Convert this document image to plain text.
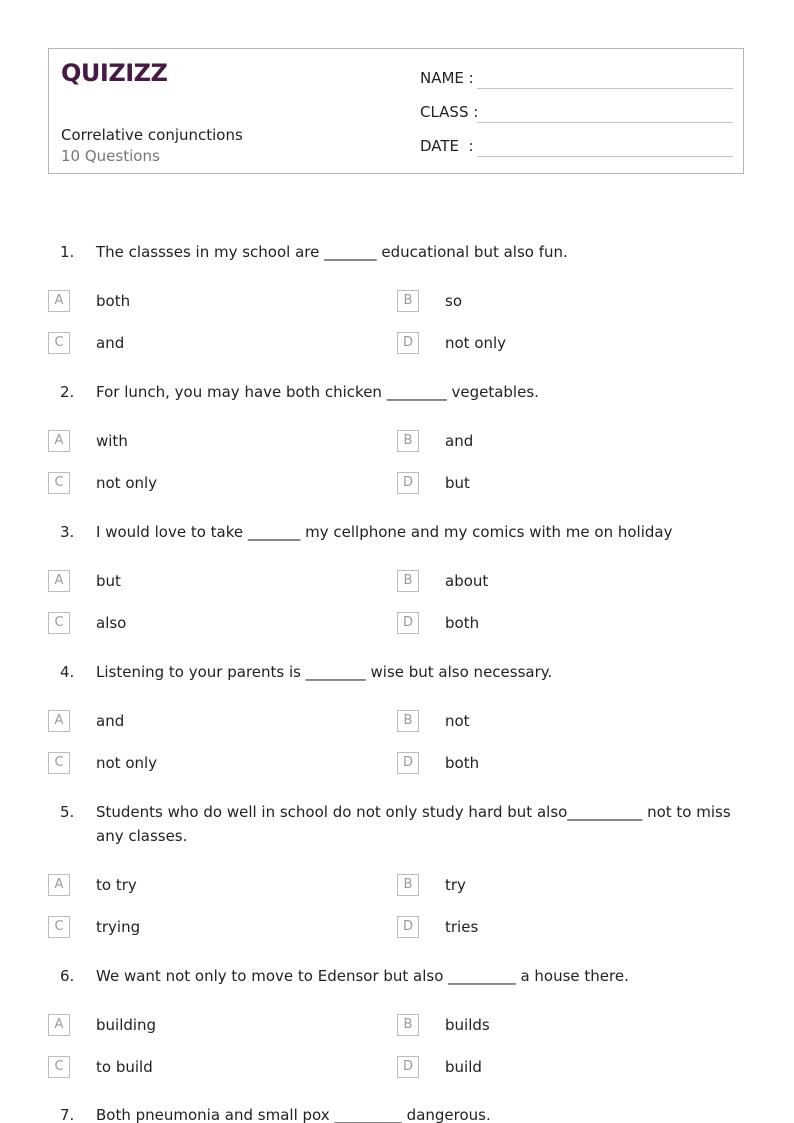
QUIZIZZ
Correlative conjunctions
10 Questions
NAME :
CLASS :
DATE  :
1. The classses in my school are _______ educational but also fun.
A	both	B	so
C	and	D	not only
2. For lunch, you may have both chicken ________ vegetables.
A	with	B	and
C	not only	D	but
3. I would love to take _______ my cellphone and my comics with me on holiday
A	but	B	about
C	also	D	both
4. Listening to your parents is ________ wise but also necessary.
A	and	B	not
C	not only	D	both
5. Students who do well in school do not only study hard but also__________ not to miss any classes.
A	to try	B	try
C	trying	D	tries
6. We want not only to move to Edensor but also _________ a house there.
A	building	B	builds
C	to build	D	build
7. Both pneumonia and small pox _________ dangerous.
